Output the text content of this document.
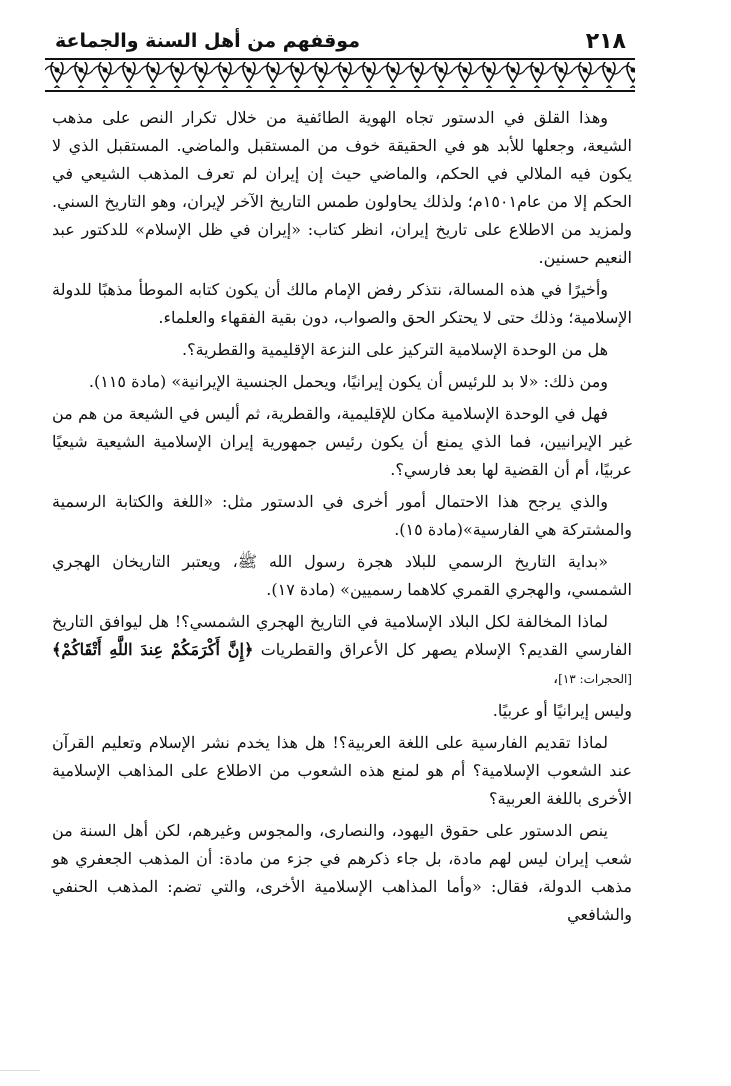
٢١٨
موقفهم من أهل السنة والجماعة

وهذا القلق في الدستور تجاه الهوية الطائفية من خلال تكرار النص على مذهب الشيعة، وجعلها للأبد هو في الحقيقة خوف من المستقبل والماضي. المستقبل الذي لا يكون فيه الملالي في الحكم، والماضي حيث إن إيران لم تعرف المذهب الشيعي في الحكم إلا من عام١٥٠١م؛ ولذلك يحاولون طمس التاريخ الآخر لإيران، وهو التاريخ السني. ولمزيد من الاطلاع على تاريخ إيران، انظر كتاب: «إيران في ظل الإسلام» للدكتور عبد النعيم حسنين.

وأخيرًا في هذه المسالة، نتذكر رفض الإمام مالك أن يكون كتابه الموطأ مذهبًا للدولة الإسلامية؛ وذلك حتى لا يحتكر الحق والصواب، دون بقية الفقهاء والعلماء.

هل من الوحدة الإسلامية التركيز على النزعة الإقليمية والقطرية؟.

ومن ذلك: «لا بد للرئيس أن يكون إيرانيًا، ويحمل الجنسية الإيرانية» (مادة ١١٥).

فهل في الوحدة الإسلامية مكان للإقليمية، والقطرية، ثم أليس في الشيعة من هم من غير الإيرانيين، فما الذي يمنع أن يكون رئيس جمهورية إيران الإسلامية الشيعية شيعيًا عربيًا، أم أن القضية لها بعد فارسي؟.

والذي يرجح هذا الاحتمال أمور أخرى في الدستور مثل: «اللغة والكتابة الرسمية والمشتركة هي الفارسية»(مادة ١٥).

«بداية التاريخ الرسمي للبلاد هجرة رسول الله ﷺ، ويعتبر التاريخان الهجري الشمسي، والهجري القمري كلاهما رسميين» (مادة ١٧).

لماذا المخالفة لكل البلاد الإسلامية في التاريخ الهجري الشمسي؟! هل ليوافق التاريخ الفارسي القديم؟ الإسلام يصهر كل الأعراق والقطريات ﴿إِنَّ أَكْرَمَكُمْ عِندَ اللَّهِ أَتْقَاكُمْ﴾ [الحجرات: ١٣]،

وليس إيرانيًا أو عربيًا.

لماذا تقديم الفارسية على اللغة العربية؟! هل هذا يخدم نشر الإسلام وتعليم القرآن عند الشعوب الإسلامية؟ أم هو لمنع هذه الشعوب من الاطلاع على المذاهب الإسلامية الأخرى باللغة العربية؟

ينص الدستور على حقوق اليهود، والنصارى، والمجوس وغيرهم، لكن أهل السنة من شعب إيران ليس لهم مادة، بل جاء ذكرهم في جزء من مادة: أن المذهب الجعفري هو مذهب الدولة، فقال: «وأما المذاهب الإسلامية الأخرى، والتي تضم: المذهب الحنفي والشافعي
